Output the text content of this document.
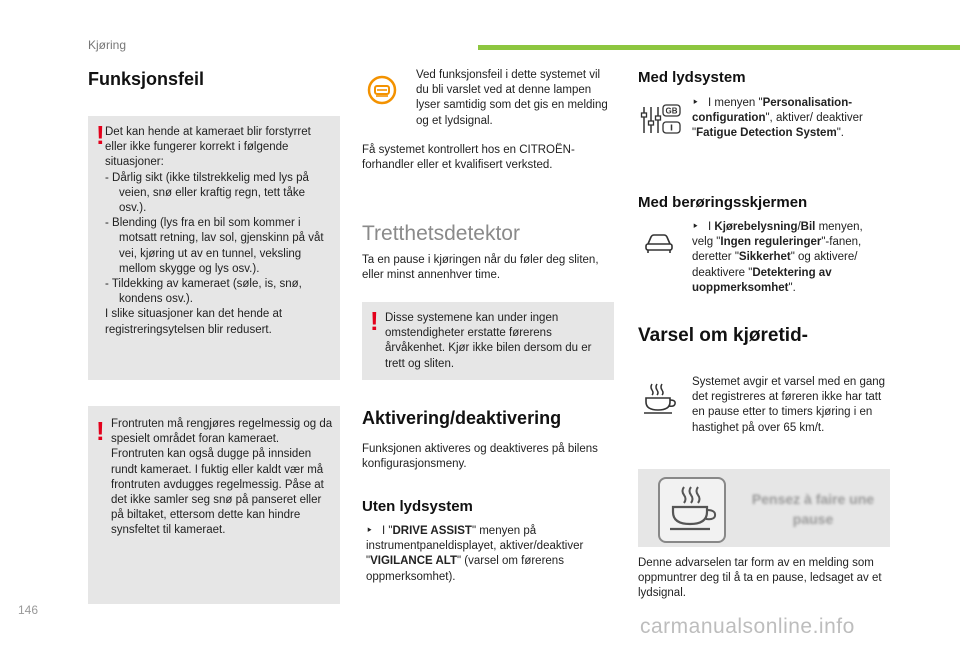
Kjøring
Funksjonsfeil
! Det kan hende at kameraet blir forstyrret eller ikke fungerer korrekt i følgende situasjoner:
- Dårlig sikt (ikke tilstrekkelig med lys på veien, snø eller kraftig regn, tett tåke osv.).
- Blending (lys fra en bil som kommer i motsatt retning, lav sol, gjenskinn på våt vei, kjøring ut av en tunnel, veksling mellom skygge og lys osv.).
- Tildekking av kameraet (søle, is, snø, kondens osv.).
I slike situasjoner kan det hende at registreringsytelsen blir redusert.
! Frontruten må rengjøres regelmessig og da spesielt området foran kameraet. Frontruten kan også dugge på innsiden rundt kameraet. I fuktig eller kaldt vær må frontruten avdugges regelmessig. Påse at det ikke samler seg snø på panseret eller på biltaket, ettersom dette kan hindre synsfeltet til kameraet.
Ved funksjonsfeil i dette systemet vil du bli varslet ved at denne lampen lyser samtidig som det gis en melding og et lydsignal.
Få systemet kontrollert hos en CITROËN-forhandler eller et kvalifisert verksted.
Tretthetsdetektor
Ta en pause i kjøringen når du føler deg sliten, eller minst annenhver time.
! Disse systemene kan under ingen omstendigheter erstatte førerens årvåkenhet. Kjør ikke bilen dersom du er trett og sliten.
Aktivering/deaktivering
Funksjonen aktiveres og deaktiveres på bilens konfigurasjonsmeny.
Uten lydsystem
‣ I "DRIVE ASSIST" menyen på instrumentpaneldisplayet, aktiver/deaktiver "VIGILANCE ALT" (varsel om førerens oppmerksomhet).
Med lydsystem
GB
‣ I menyen "Personalisation-configuration", aktiver/ deaktiver "Fatigue Detection System".
Med berøringsskjermen
‣ I Kjørebelysning/Bil menyen, velg "Ingen reguleringer"-fanen, deretter "Sikkerhet" og aktivere/ deaktivere "Detektering av uoppmerksomhet".
Varsel om kjøretid-
Systemet avgir et varsel med en gang det registreres at føreren ikke har tatt en pause etter to timers kjøring i en hastighet på over 65 km/t.
Pensez à faire une pause
Denne advarselen tar form av en melding som oppmuntrer deg til å ta en pause, ledsaget av et lydsignal.
146
carmanualsonline.info
